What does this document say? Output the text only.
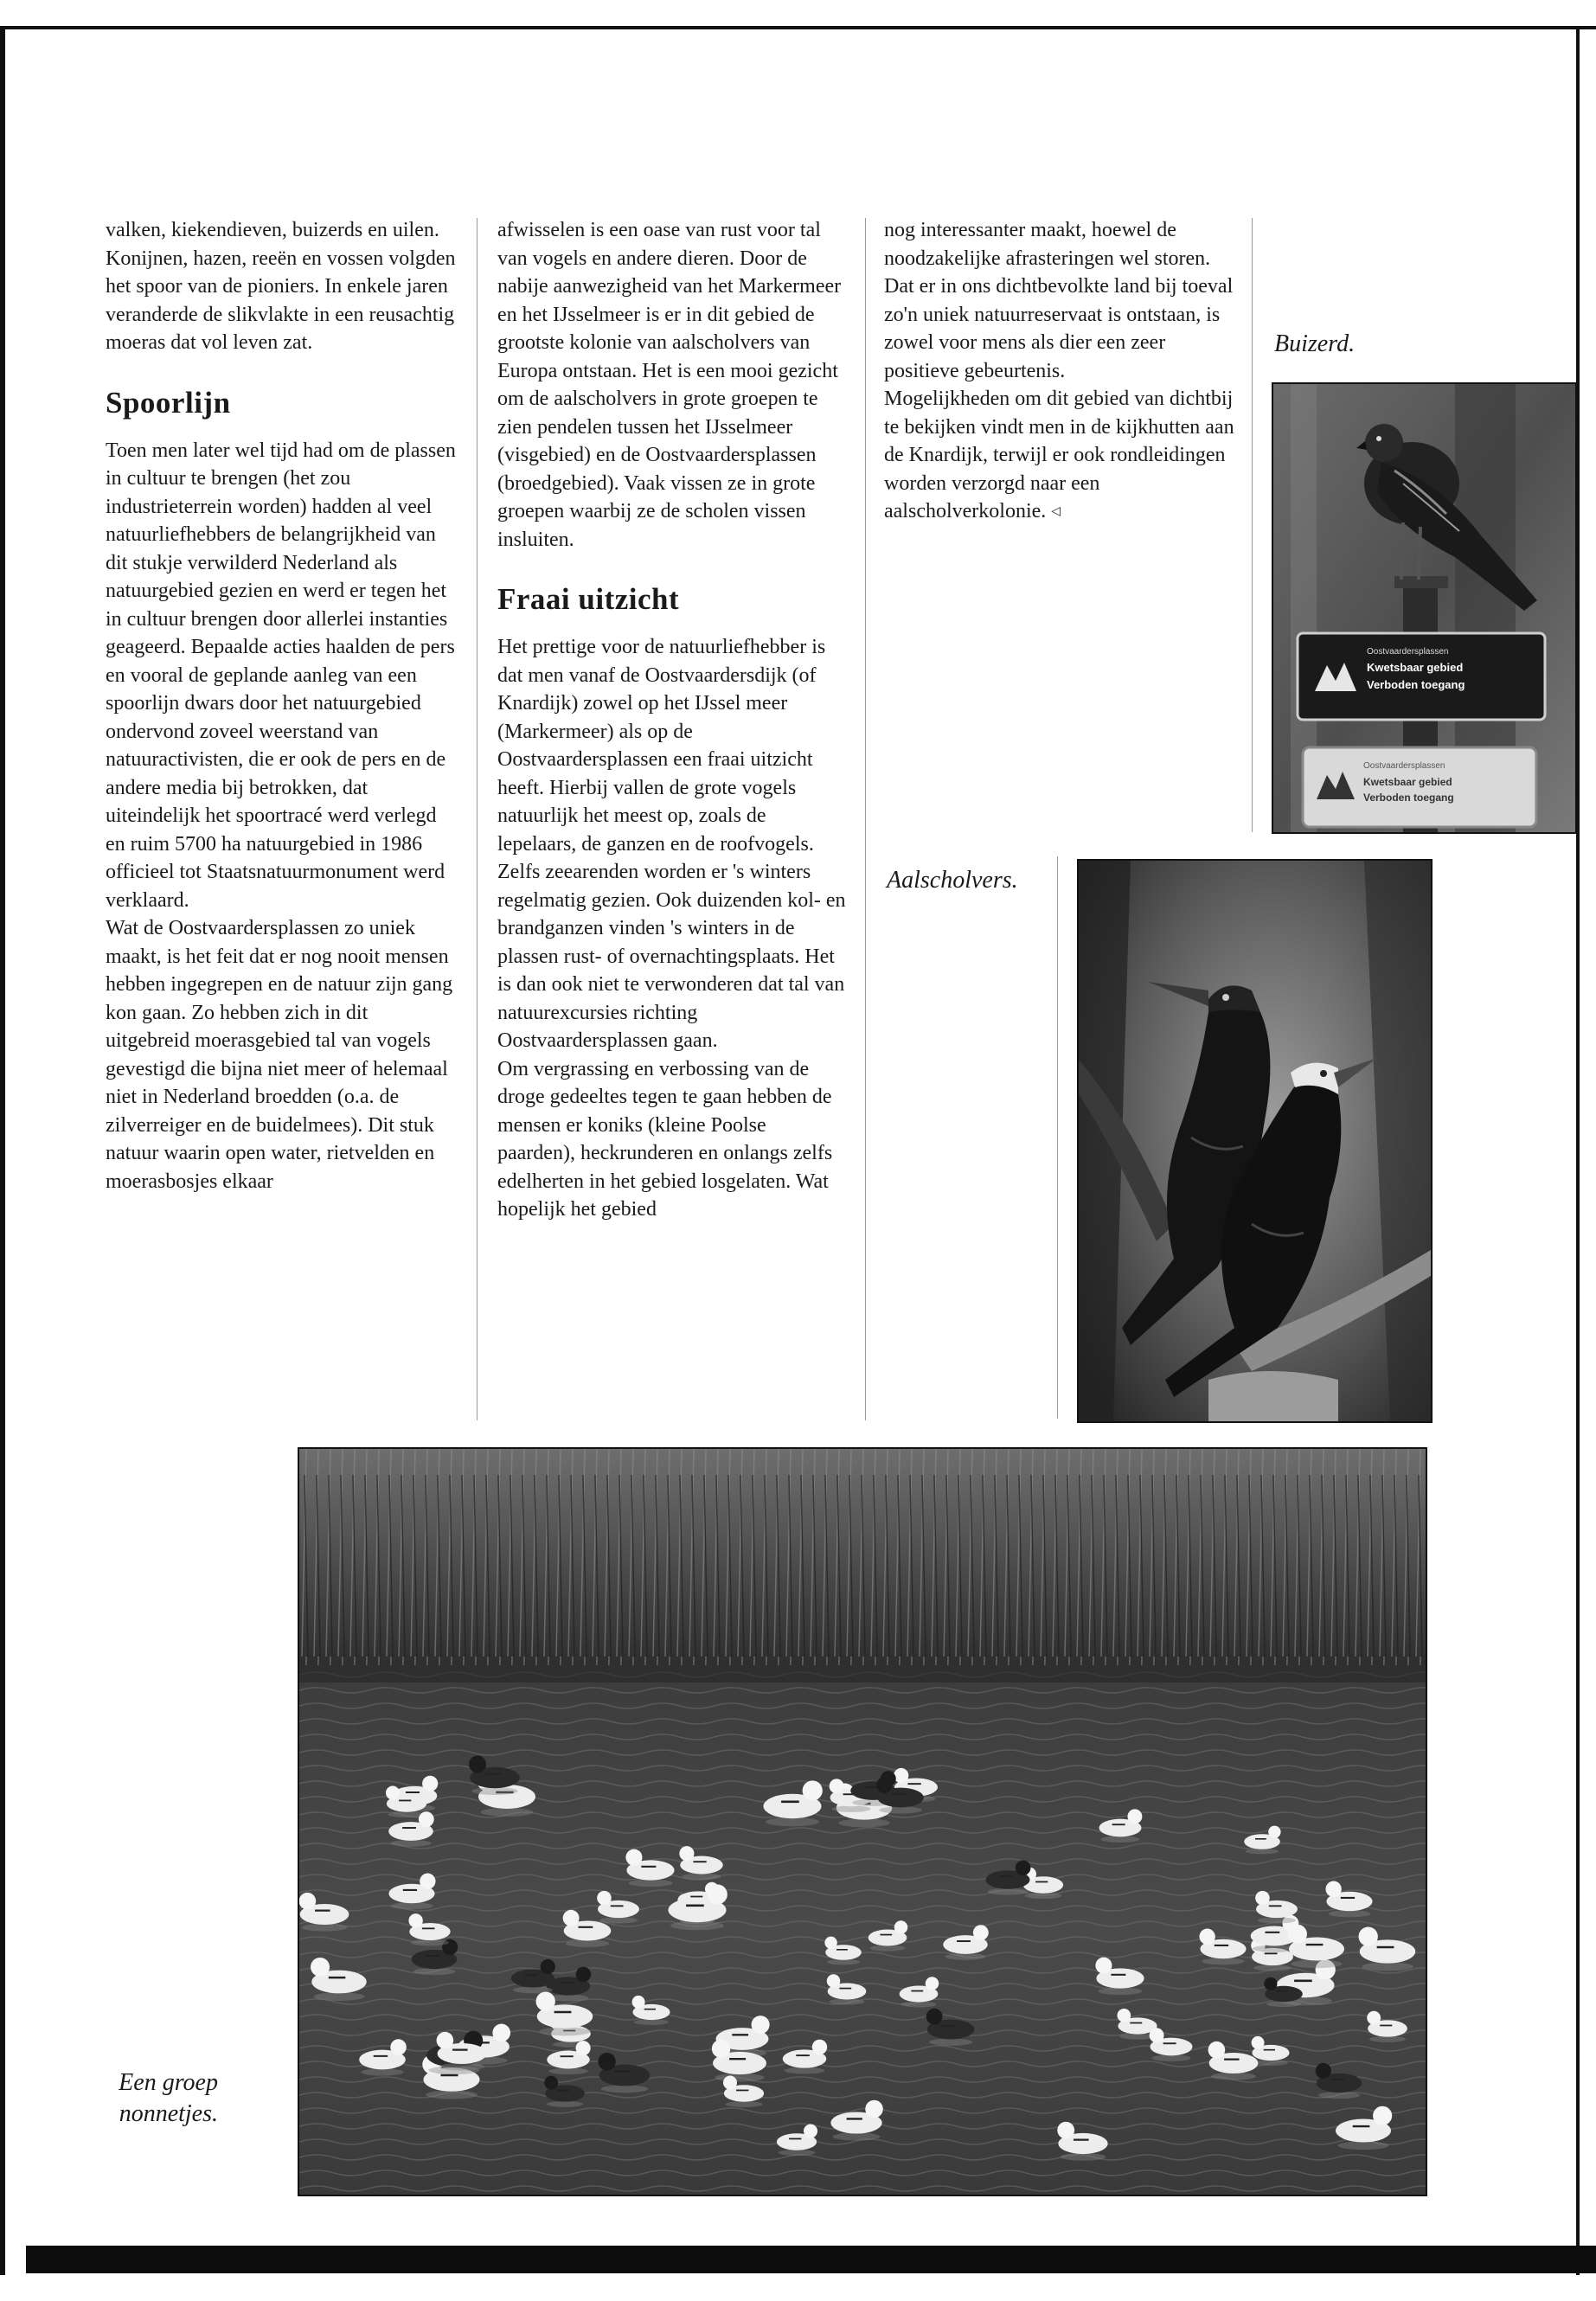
valken, kiekendieven, buizerds en uilen. Konijnen, hazen, reeën en vossen volgden het spoor van de pioniers. In enkele jaren veranderde de slikvlakte in een reusachtig moeras dat vol leven zat.

Spoorlijn

Toen men later wel tijd had om de plassen in cultuur te brengen (het zou industrieterrein worden) hadden al veel natuurliefhebbers de belangrijkheid van dit stukje verwilderd Nederland als natuurgebied gezien en werd er tegen het in cultuur brengen door allerlei instanties geageerd. Bepaalde acties haalden de pers en vooral de geplande aanleg van een spoorlijn dwars door het natuurgebied ondervond zoveel weerstand van natuuractivisten, die er ook de pers en de andere media bij betrokken, dat uiteindelijk het spoortracé werd verlegd en ruim 5700 ha natuurgebied in 1986 officieel tot Staatsnatuurmonument werd verklaard.

Wat de Oostvaardersplassen zo uniek maakt, is het feit dat er nog nooit mensen hebben ingegrepen en de natuur zijn gang kon gaan. Zo hebben zich in dit uitgebreid moerasgebied tal van vogels gevestigd die bijna niet meer of helemaal niet in Nederland broedden (o.a. de zilverreiger en de buidelmees). Dit stuk natuur waarin open water, rietvelden en moerasbosjes elkaar

afwisselen is een oase van rust voor tal van vogels en andere dieren. Door de nabije aanwezigheid van het Markermeer en het IJsselmeer is er in dit gebied de grootste kolonie van aalscholvers van Europa ontstaan. Het is een mooi gezicht om de aalscholvers in grote groepen te zien pendelen tussen het IJsselmeer (visgebied) en de Oostvaardersplassen (broedgebied). Vaak vissen ze in grote groepen waarbij ze de scholen vissen insluiten.

Fraai uitzicht

Het prettige voor de natuurliefhebber is dat men vanaf de Oostvaardersdijk (of Knardijk) zowel op het IJssel meer (Markermeer) als op de Oostvaardersplassen een fraai uitzicht heeft. Hierbij vallen de grote vogels natuurlijk het meest op, zoals de lepelaars, de ganzen en de roofvogels. Zelfs zeearenden worden er 's winters regelmatig gezien. Ook duizenden kol- en brandganzen vinden 's winters in de plassen rust- of overnachtingsplaats. Het is dan ook niet te verwonderen dat tal van natuurexcursies richting Oostvaardersplassen gaan.

Om vergrassing en verbossing van de droge gedeeltes tegen te gaan hebben de mensen er koniks (kleine Poolse paarden), heckrunderen en onlangs zelfs edelherten in het gebied losgelaten. Wat hopelijk het gebied

nog interessanter maakt, hoewel de noodzakelijke afrasteringen wel storen.

Dat er in ons dichtbevolkte land bij toeval zo'n uniek natuurreservaat is ontstaan, is zowel voor mens als dier een zeer positieve gebeurtenis.

Mogelijkheden om dit gebied van dichtbij te bekijken vindt men in de kijkhutten aan de Knardijk, terwijl er ook rondleidingen worden verzorgd naar een aalscholverkolonie. ◁

Buizerd.
Aalscholvers.
Een groep
nonnetjes.
Oostvaardersplassen
Kwetsbaar gebied
Verboden toegang
Oostvaardersplassen
Kwetsbaar gebied
Verboden toegang
